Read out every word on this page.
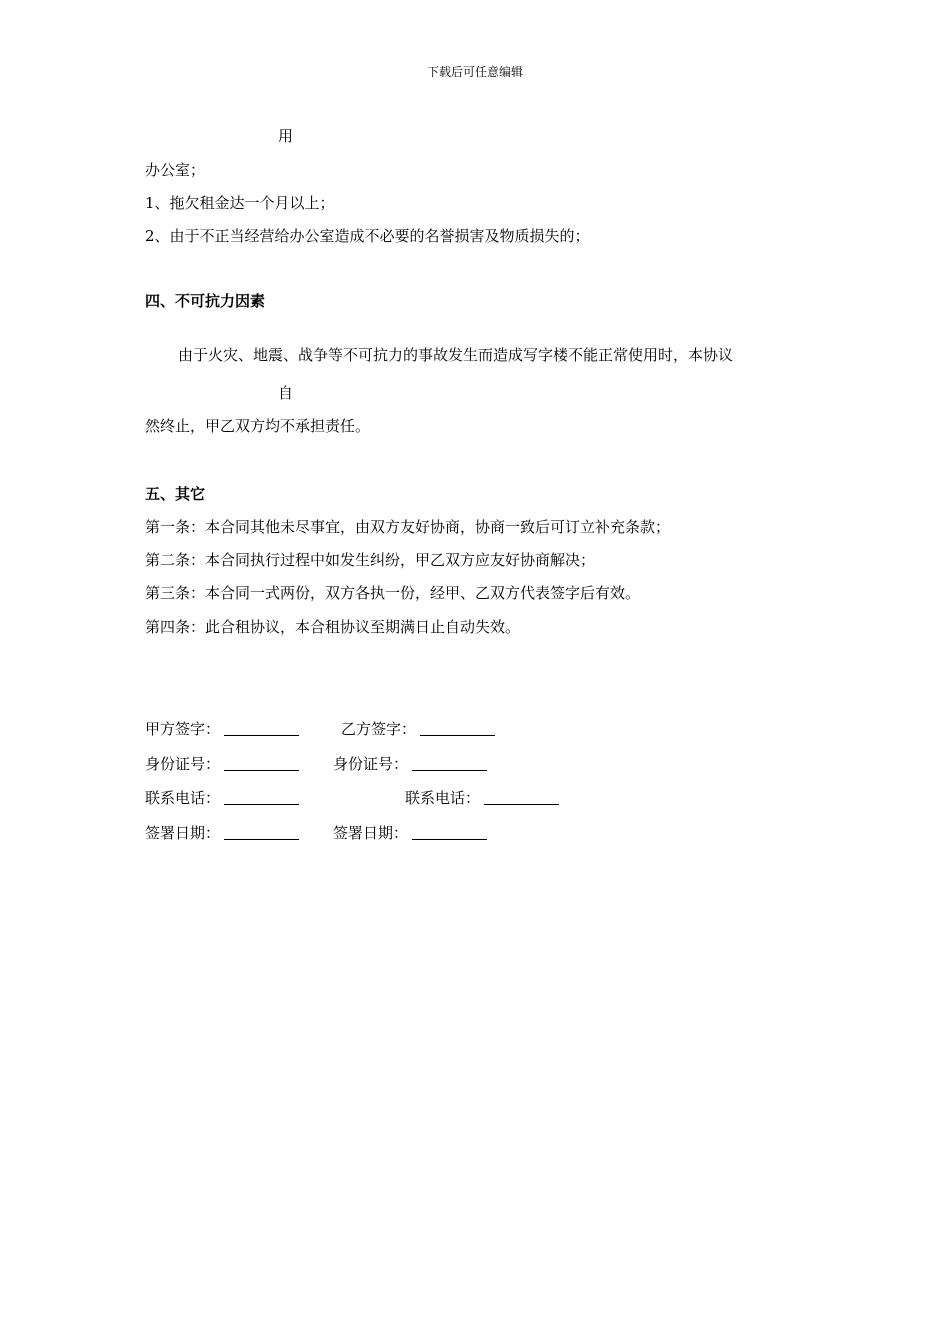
下载后可任意编辑
用
办公室；
1、拖欠租金达一个月以上；
2、由于不正当经营给办公室造成不必要的名誉损害及物质损失的；
四、不可抗力因素
由于火灾、地震、战争等不可抗力的事故发生而造成写字楼不能正常使用时，本协议
自
然终止，甲乙双方均不承担责任。
五、其它
第一条：本合同其他未尽事宜，由双方友好协商，协商一致后可订立补充条款；
第二条：本合同执行过程中如发生纠纷，甲乙双方应友好协商解决；
第三条：本合同一式两份，双方各执一份，经甲、乙双方代表签字后有效。
第四条：此合租协议，本合租协议至期满日止自动失效。
甲方签字：	乙方签字：
身份证号：	身份证号：
联系电话：	联系电话：
签署日期：	签署日期：
